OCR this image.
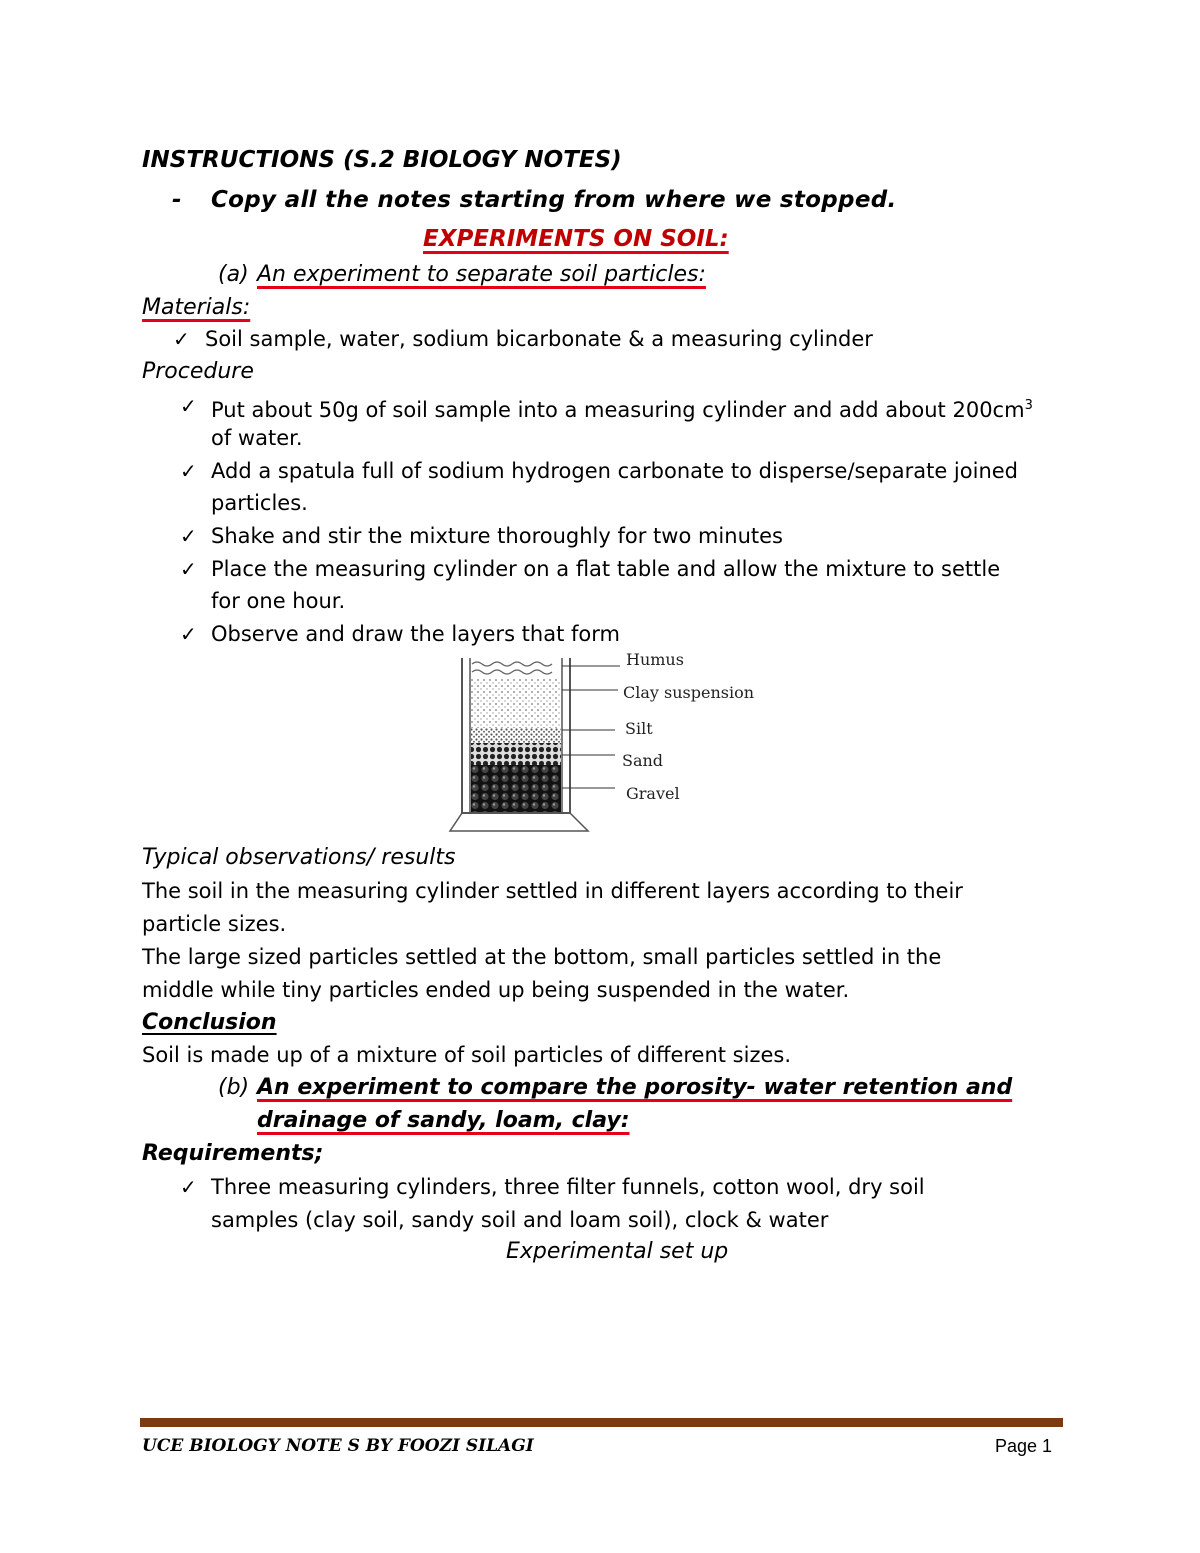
INSTRUCTIONS (S.2 BIOLOGY NOTES)
- Copy all the notes starting from where we stopped.
EXPERIMENTS ON SOIL:
(a) An experiment to separate soil particles:
Materials:
✓ Soil sample, water, sodium bicarbonate & a measuring cylinder
Procedure
✓ Put about 50g of soil sample into a measuring cylinder and add about $200cm^3$
of water.
✓ Add a spatula full of sodium hydrogen carbonate to disperse/separate joined
particles.
✓ Shake and stir the mixture thoroughly for two minutes
✓ Place the measuring cylinder on a flat table and allow the mixture to settle
for one hour.
✓ Observe and draw the layers that form
Humus
Clay suspension
Silt
Sand
Gravel
Typical observations/ results
The soil in the measuring cylinder settled in different layers according to their
particle sizes.
The large sized particles settled at the bottom, small particles settled in the
middle while tiny particles ended up being suspended in the water.
Conclusion
Soil is made up of a mixture of soil particles of different sizes.
(b) An experiment to compare the porosity- water retention and
drainage of sandy, loam, clay:
Requirements;
✓ Three measuring cylinders, three filter funnels, cotton wool, dry soil
samples (clay soil, sandy soil and loam soil), clock & water
Experimental set up
UCE BIOLOGY NOTE S BY FOOZI SILAGI	Page 1
